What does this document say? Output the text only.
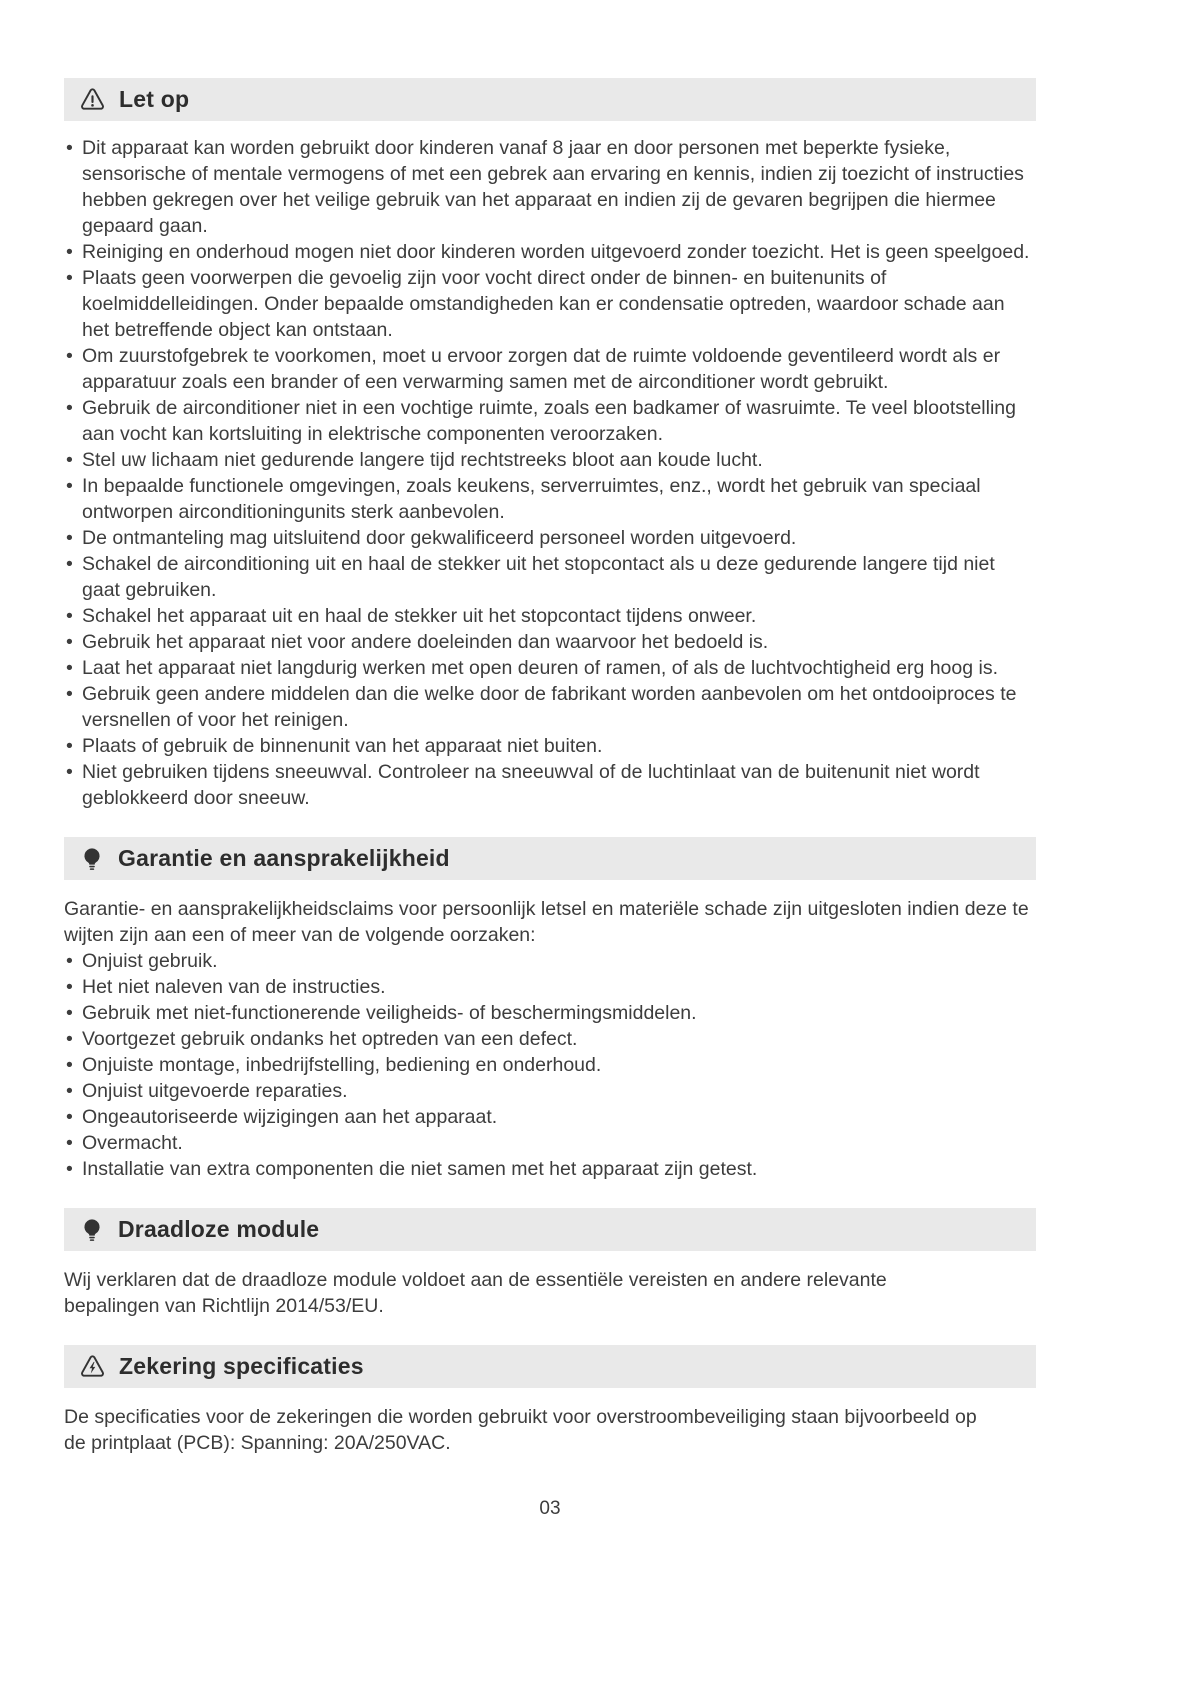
Let op
• Dit apparaat kan worden gebruikt door kinderen vanaf 8 jaar en door personen met beperkte fysieke, sensorische of mentale vermogens of met een gebrek aan ervaring en kennis, indien zij toezicht of instructies hebben gekregen over het veilige gebruik van het apparaat en indien zij de gevaren begrijpen die hiermee gepaard gaan.
• Reiniging en onderhoud mogen niet door kinderen worden uitgevoerd zonder toezicht. Het is geen speelgoed.
• Plaats geen voorwerpen die gevoelig zijn voor vocht direct onder de binnen- en buitenunits of koelmiddelleidingen. Onder bepaalde omstandigheden kan er condensatie optreden, waardoor schade aan het betreffende object kan ontstaan.
• Om zuurstofgebrek te voorkomen, moet u ervoor zorgen dat de ruimte voldoende geventileerd wordt als er apparatuur zoals een brander of een verwarming samen met de airconditioner wordt gebruikt.
• Gebruik de airconditioner niet in een vochtige ruimte, zoals een badkamer of wasruimte. Te veel blootstelling aan vocht kan kortsluiting in elektrische componenten veroorzaken.
• Stel uw lichaam niet gedurende langere tijd rechtstreeks bloot aan koude lucht.
• In bepaalde functionele omgevingen, zoals keukens, serverruimtes, enz., wordt het gebruik van speciaal ontworpen airconditioningunits sterk aanbevolen.
• De ontmanteling mag uitsluitend door gekwalificeerd personeel worden uitgevoerd.
• Schakel de airconditioning uit en haal de stekker uit het stopcontact als u deze gedurende langere tijd niet gaat gebruiken.
• Schakel het apparaat uit en haal de stekker uit het stopcontact tijdens onweer.
• Gebruik het apparaat niet voor andere doeleinden dan waarvoor het bedoeld is.
• Laat het apparaat niet langdurig werken met open deuren of ramen, of als de luchtvochtigheid erg hoog is.
• Gebruik geen andere middelen dan die welke door de fabrikant worden aanbevolen om het ontdooiproces te versnellen of voor het reinigen.
• Plaats of gebruik de binnenunit van het apparaat niet buiten.
• Niet gebruiken tijdens sneeuwval. Controleer na sneeuwval of de luchtinlaat van de buitenunit niet wordt geblokkeerd door sneeuw.
Garantie en aansprakelijkheid

Garantie- en aansprakelijkheidsclaims voor persoonlijk letsel en materiële schade zijn uitgesloten indien deze te wijten zijn aan een of meer van de volgende oorzaken:

• Onjuist gebruik.
• Het niet naleven van de instructies.
• Gebruik met niet-functionerende veiligheids- of beschermingsmiddelen.
• Voortgezet gebruik ondanks het optreden van een defect.
• Onjuiste montage, inbedrijfstelling, bediening en onderhoud.
• Onjuist uitgevoerde reparaties.
• Ongeautoriseerde wijzigingen aan het apparaat.
• Overmacht.
• Installatie van extra componenten die niet samen met het apparaat zijn getest.
Draadloze module

Wij verklaren dat de draadloze module voldoet aan de essentiële vereisten en andere relevante bepalingen van Richtlijn 2014/53/EU.

Zekering specificaties

De specificaties voor de zekeringen die worden gebruikt voor overstroombeveiliging staan bijvoorbeeld op de printplaat (PCB): Spanning: 20A/250VAC.

03
